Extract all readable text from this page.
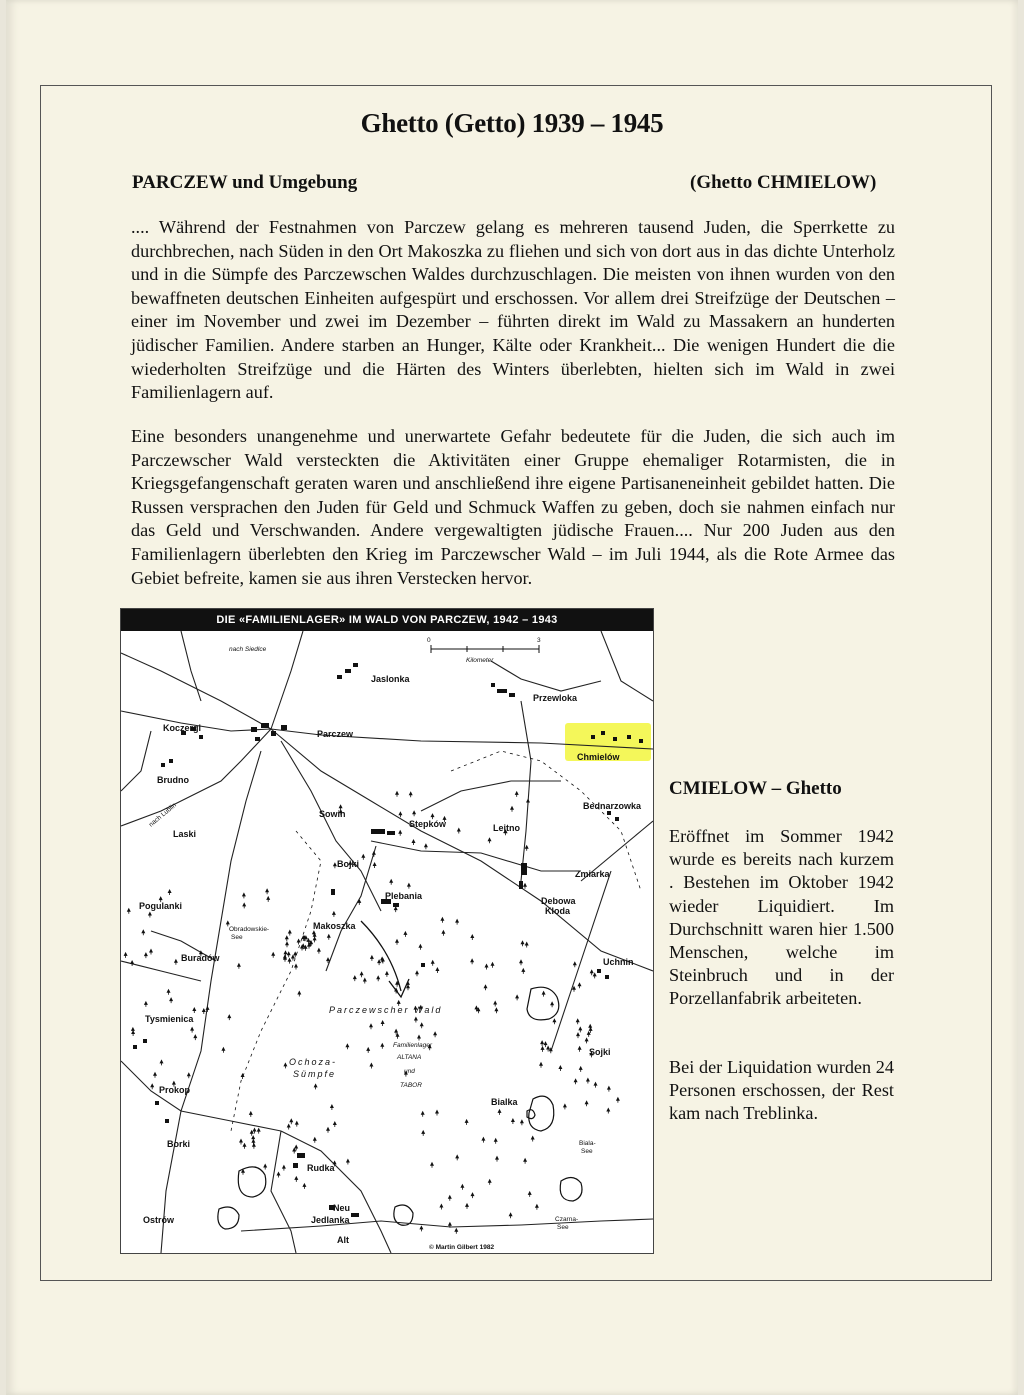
Ghetto (Getto) 1939 – 1945
PARCZEW und Umgebung	(Ghetto CHMIELOW)
.... Während der Festnahmen von Parczew gelang es mehreren tausend Juden, die Sperrkette zu durchbrechen, nach Süden in den Ort Makoszka zu fliehen und sich von dort aus in das dichte Unterholz und in die Sümpfe des Parczewschen Waldes durchzuschlagen. Die meisten von ihnen wurden von den bewaffneten deutschen Einheiten aufgespürt und erschossen. Vor allem drei Streifzüge der Deutschen – einer im November und zwei im Dezember – führten direkt im Wald zu Massakern an hunderten jüdischer Familien. Andere starben an Hunger, Kälte oder Krankheit... Die wenigen Hundert die die wiederholten Streifzüge und die Härten des Winters überlebten, hielten sich im Wald in zwei Familienlagern auf.
Eine besonders unangenehme und unerwartete Gefahr bedeutete für die Juden, die sich auch im Parczewscher Wald versteckten die Aktivitäten einer Gruppe ehemaliger Rotarmisten, die in Kriegsgefangenschaft geraten waren und anschließend ihre eigene Partisaneneinheit gebildet hatten. Die Russen versprachen den Juden für Geld und Schmuck Waffen zu geben, doch sie nahmen einfach nur das Geld und Verschwanden. Andere vergewaltigten jüdische Frauen.... Nur 200 Juden aus den Familienlagern überlebten den Krieg im Parczewscher Wald – im Juli 1944, als die Rote Armee das Gebiet befreite, kamen sie aus ihren Verstecken hervor.
DIE «FAMILIENLAGER» IM WALD VON PARCZEW, 1942 – 1943
0	3
Kilometer
nach Siedlce
Jaslonka
Przewloka
Koczergi
Parczew
Chmielów
Brudno
Bednarzowka
Sowin
nach Lublin
Laski
Stepków	Lejtno
Bojki
Zmiarka
Plebania
Pogulanki	Debowa
Kloda
Obradowskie-
See
Makoszka
Buradów	Uchnin
Parczewscher Wald
Tysmienica
Sojki
Familienlager
ALTANA
und
TABOR
Ochoza-
Sümpfe
Prokop
Bialka
Borki	Biala-
See
Rudka
Ostrów
Neu
Jedlanka
Alt
Czarna-
See
© Martin Gilbert 1982
CMIELOW – Ghetto
Eröffnet im Sommer 1942 wurde es bereits nach kurzem . Bestehen im Oktober 1942 wieder Liquidiert. Im Durchschnitt waren hier 1.500 Menschen, welche im Steinbruch und in der Porzellanfabrik arbeiteten.
Bei der Liquidation wurden 24 Personen erschossen, der Rest kam nach Treblinka.
